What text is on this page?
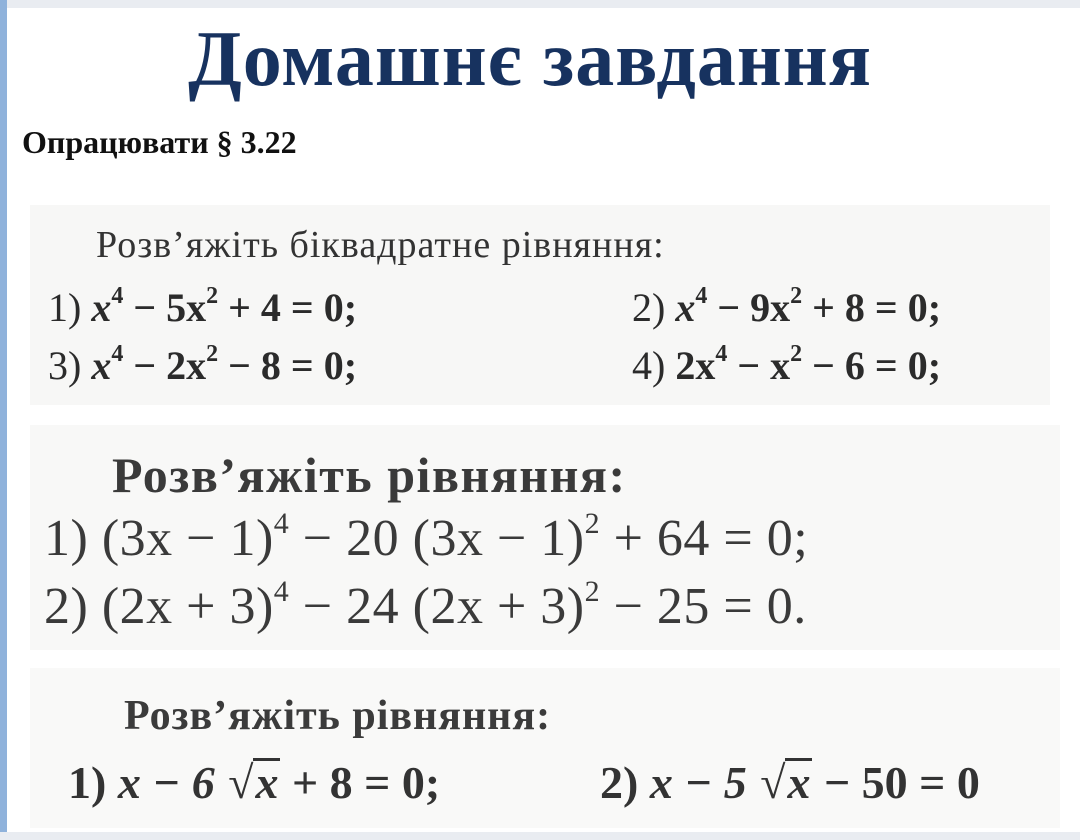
Домашнє завдання
Опрацювати § 3.22
Розв’яжіть біквадратне рівняння:
1) $x^4 - 5x^2 + 4 = 0$;	2) $x^4 - 9x^2 + 8 = 0$;
3) $x^4 - 2x^2 - 8 = 0$;	4) $2x^4 - x^2 - 6 = 0$;
Розв’яжіть рівняння:
1) $(3x - 1)^4 - 20$ $(3x - 1)^2 + 64 = 0$;
2) $(2x + 3)^4 - 24$ $(2x + 3)^2 - 25 = 0$.
Розв’яжіть рівняння:
1) x − 6 √x + 8 = 0;	2) x − 5 √x − 50 = 0
